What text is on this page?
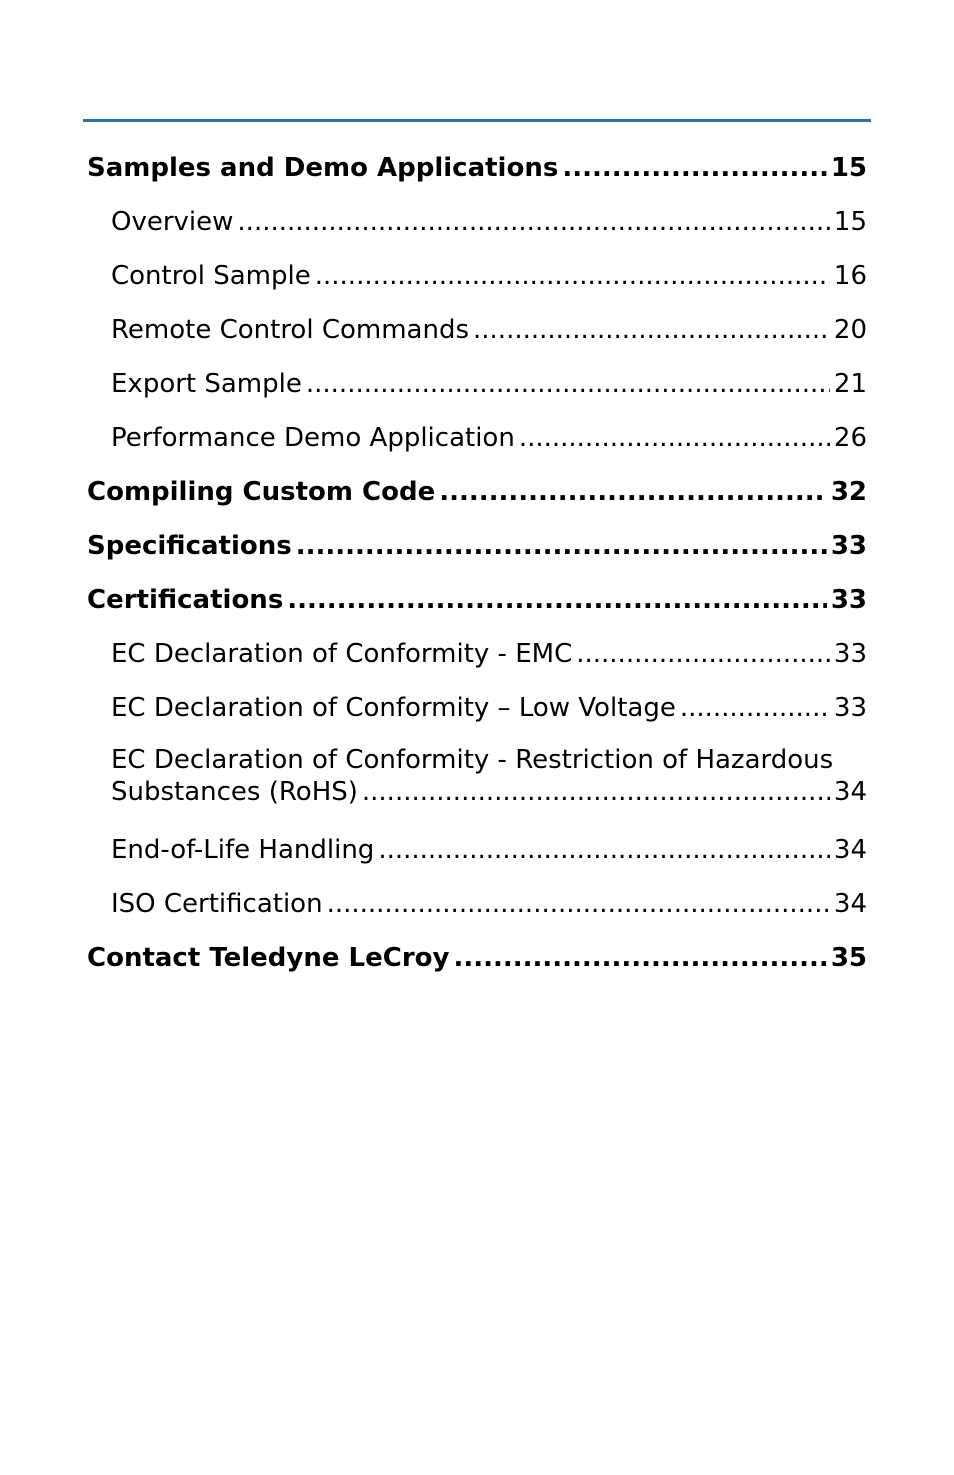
Samples and Demo Applications .....	15
Overview .....	15
Control Sample .....	16
Remote Control Commands .....	20
Export Sample .....	21
Performance Demo Application .....	26
Compiling Custom Code .....	32
Specifications .....	33
Certifications .....	33
EC Declaration of Conformity - EMC .....	33
EC Declaration of Conformity – Low Voltage .....	33
EC Declaration of Conformity - Restriction of Hazardous
Substances (RoHS) .....	34
End-of-Life Handling .....	34
ISO Certification .....	34
Contact Teledyne LeCroy .....	35
